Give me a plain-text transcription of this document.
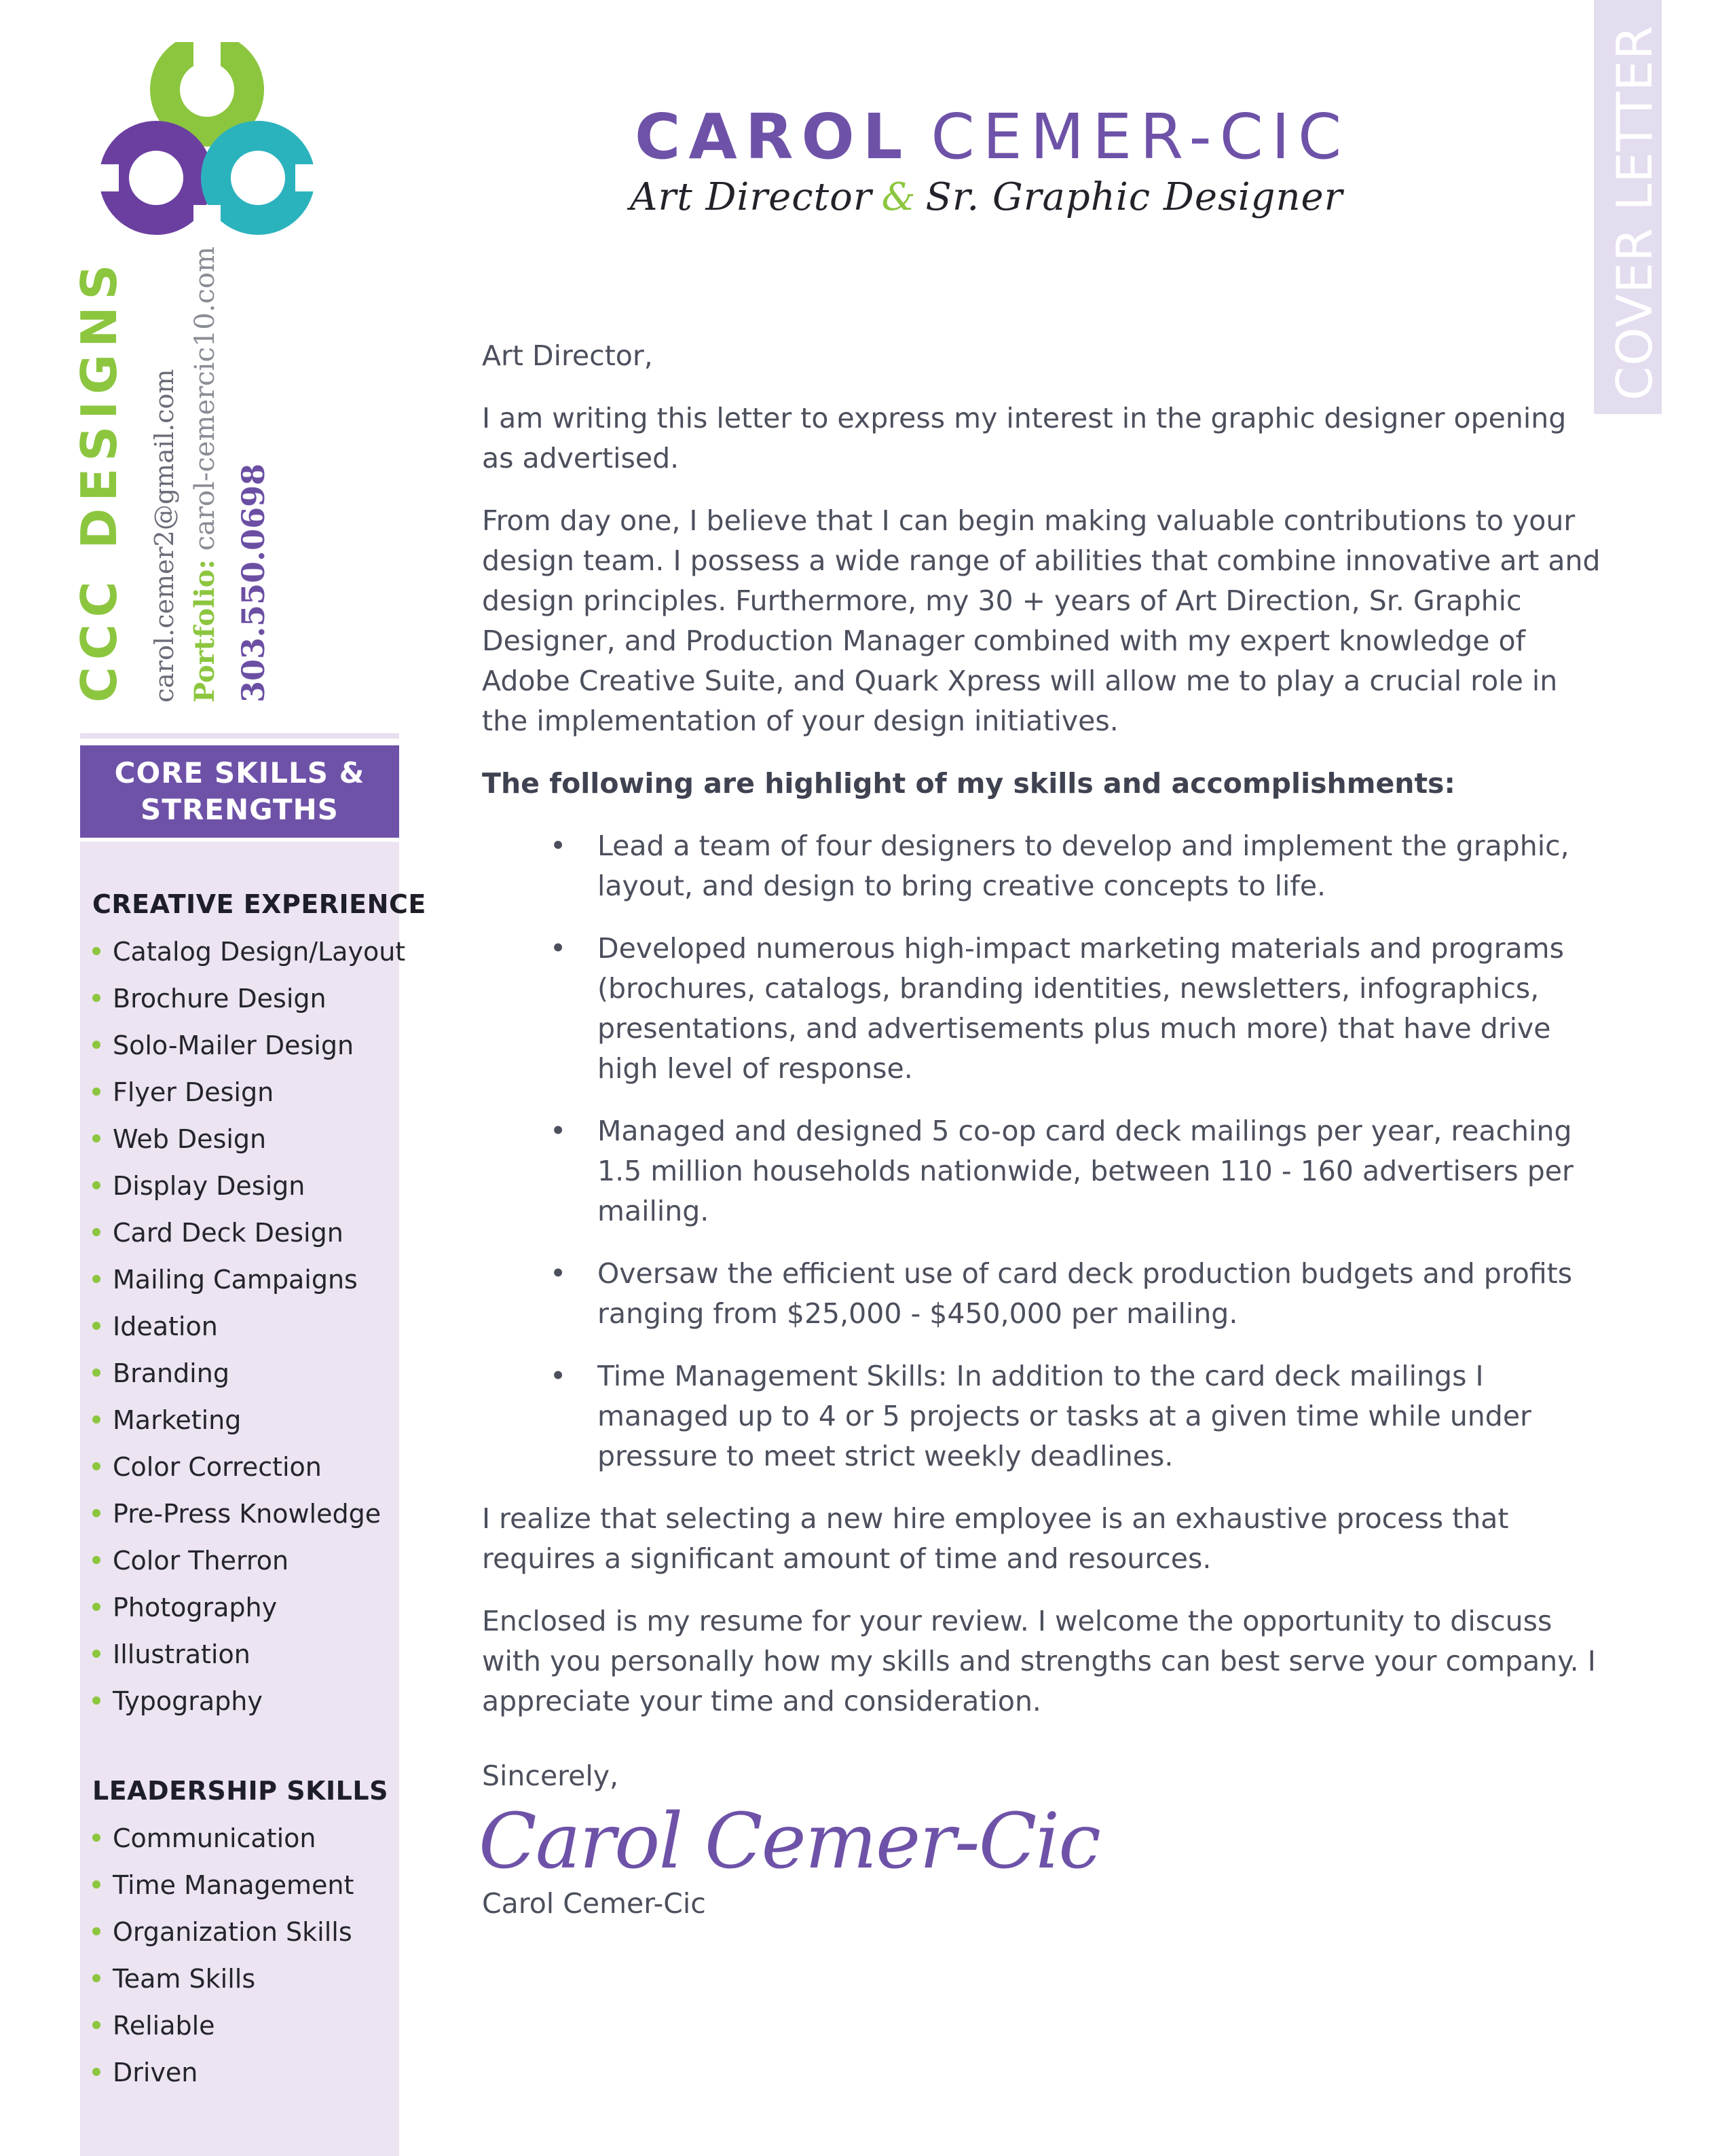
CCCDESIGNS carol.cemer2@gmail.com Portfolio: carol-cemercic10.com
303.550.0698
CORE SKILLS &
STRENGTHS
CREATIVE EXPERIENCE
Catalog Design/Layout
Brochure Design
Solo-Mailer Design
Flyer Design
Web Design
Display Design
Card Deck Design
Mailing Campaigns
Ideation
Branding
Marketing
Color Correction
Pre-Press Knowledge
Color Therron
Photography
Illustration
Typography
LEADERSHIP SKILLS
Communication
Time Management
Organization Skills
Team Skills
Reliable
Driven
COVER LETTER
CAROL CEMER-CIC
Art Director & Sr. Graphic Designer

Art Director,

I am writing this letter to express my interest in the graphic designer opening as advertised.

From day one, I believe that I can begin making valuable contributions to your design team. I possess a wide range of abilities that combine innovative art and design principles. Furthermore, my 30 + years of Art Direction, Sr. Graphic Designer, and Production Manager combined with my expert knowledge of Adobe Creative Suite, and Quark Xpress will allow me to play a crucial role in the implementation of your design initiatives.

The following are highlight of my skills and accomplishments:

• Lead a team of four designers to develop and implement the graphic, layout, and design to bring creative concepts to life.
• Developed numerous high-impact marketing materials and programs (brochures, catalogs, branding identities, newsletters, infographics, presentations, and advertisements plus much more) that have drive high level of response.
• Managed and designed 5 co-op card deck mailings per year, reaching 1.5 million households nationwide, between 110 - 160 advertisers per mailing.
• Oversaw the efficient use of card deck production budgets and profits ranging from $25,000 - $450,000 per mailing.
• Time Management Skills: In addition to the card deck mailings I managed up to 4 or 5 projects or tasks at a given time while under pressure to meet strict weekly deadlines.

I realize that selecting a new hire employee is an exhaustive process that requires a significant amount of time and resources.

Enclosed is my resume for your review. I welcome the opportunity to discuss with you personally how my skills and strengths can best serve your company. I appreciate your time and consideration.

Sincerely,
Carol Cemer-Cic
Carol Cemer-Cic
